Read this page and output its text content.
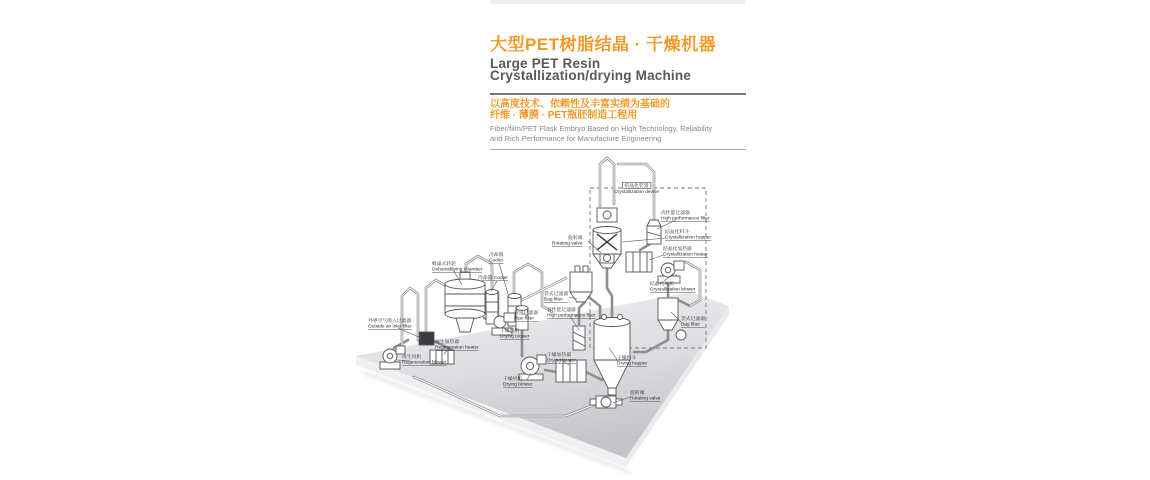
大型PET树脂结晶 · 干燥机器
Large PET Resin
Crystallization/drying Machine
以高度技术、依赖性及丰富实绩为基础的
纤维 · 薄膜 · PET瓶胚制造工程用
Fiber/film/PET Flask Embryo Based on High Technology, Reliability
and Rich Performance for Manufacture Engineering
结晶化装置
Crystallization device
高性能过滤器
High performance filter
结晶化料斗
Crystallization hopper
结晶化加热器
Crystallization heater
旋转阀
Rotating valve
结晶化风机
Crystallization blower
袋式过滤器
Bag filter
袋式过滤器
Bag filter
有性能过滤器
High performance filter
管道过滤器
Pipe filter
干燥风机
Drying blower
干燥加热器
Drying heater
干燥风机
Drying blower
干燥料斗
Drying hopper
旋转阀
Rotating valve
外界空气吸入过滤器
Outside air inlet filter
再生加热器
Regeneration heater
再生风机
Regeneration blower
蜂巢式转轮
Dehumidifying chamber
冷却器
Cooler
冷却器 Cooler
